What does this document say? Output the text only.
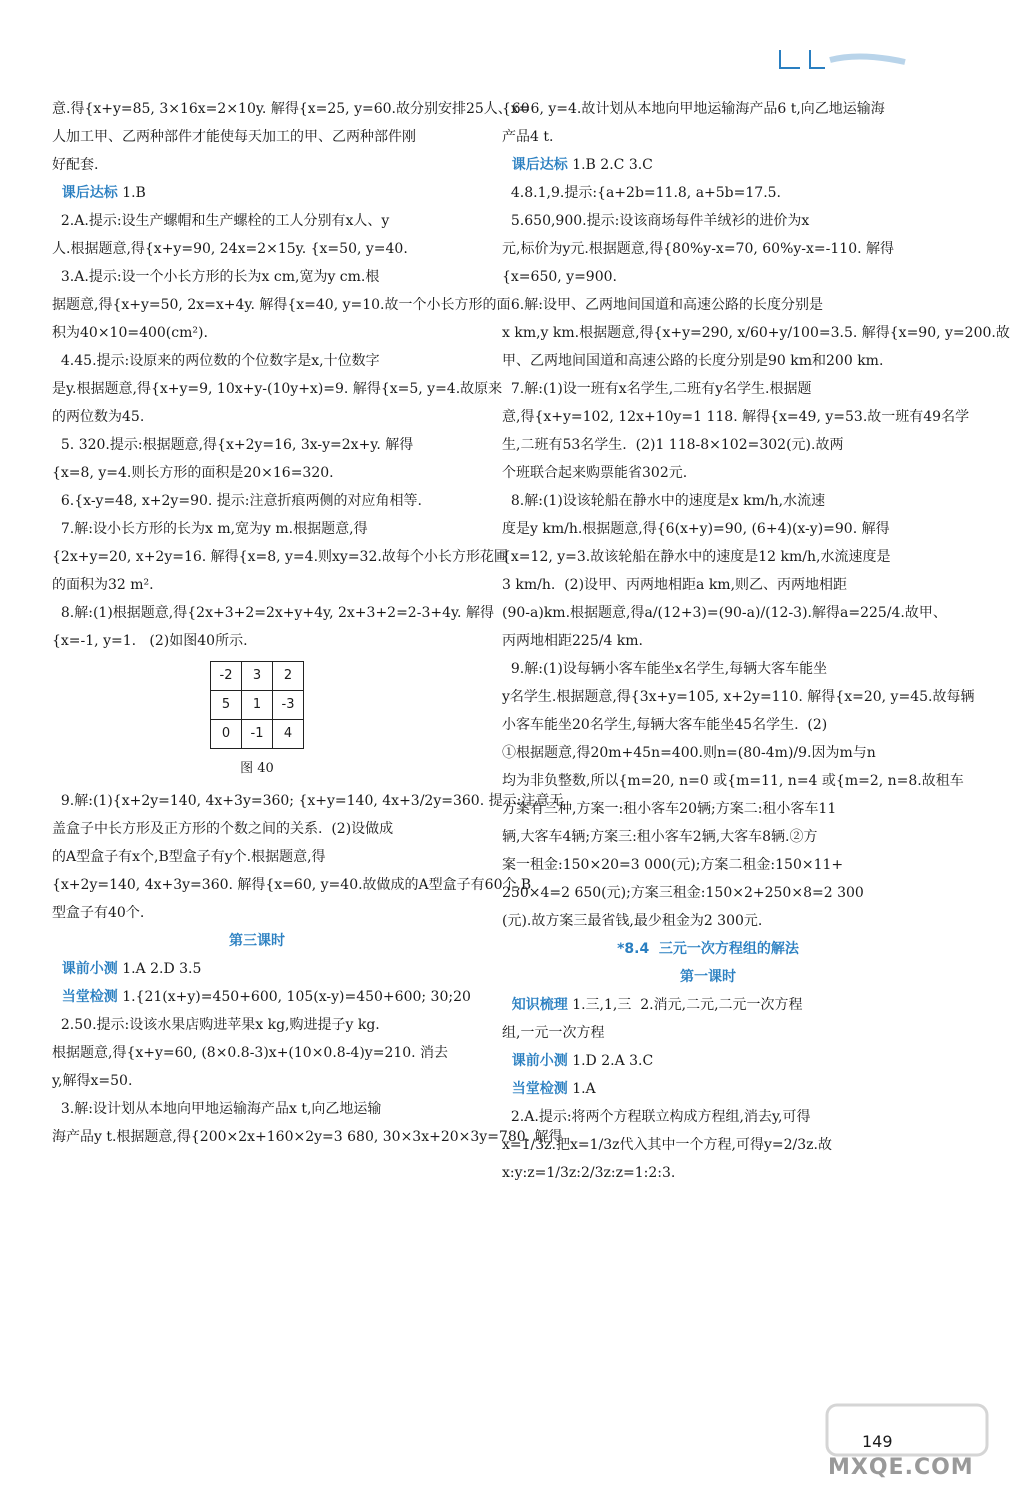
意.得{x+y=85, 3×16x=2×10y. 解得{x=25, y=60.故分别安排25人、60
人加工甲、乙两种部件才能使每天加工的甲、乙两种部件刚
好配套.
课后达标 1.B
2.A.提示:设生产螺帽和生产螺栓的工人分别有x人、y
人.根据题意,得{x+y=90, 24x=2×15y. {x=50, y=40.
3.A.提示:设一个小长方形的长为x cm,宽为y cm.根
据题意,得{x+y=50, 2x=x+4y. 解得{x=40, y=10.故一个小长方形的面
积为40×10=400(cm²).
4.45.提示:设原来的两位数的个位数字是x,十位数字
是y.根据题意,得{x+y=9, 10x+y-(10y+x)=9. 解得{x=5, y=4.故原来
的两位数为45.
5. 320.提示:根据题意,得{x+2y=16, 3x-y=2x+y. 解得
{x=8, y=4.则长方形的面积是20×16=320.
6.{x-y=48, x+2y=90. 提示:注意折痕两侧的对应角相等.
7.解:设小长方形的长为x m,宽为y m.根据题意,得
{2x+y=20, x+2y=16. 解得{x=8, y=4.则xy=32.故每个小长方形花圃
的面积为32 m².
8.解:(1)根据题意,得{2x+3+2=2x+y+4y, 2x+3+2=2-3+4y. 解得
{x=-1, y=1.   (2)如图40所示.
-2	3	2
5	1	-3
0	-1	4
图 40
9.解:(1){x+2y=140, 4x+3y=360; {x+y=140, 4x+3/2y=360. 提示:注意无
盖盒子中长方形及正方形的个数之间的关系.  (2)设做成
的A型盒子有x个,B型盒子有y个.根据题意,得
{x+2y=140, 4x+3y=360. 解得{x=60, y=40.故做成的A型盒子有60个,B
型盒子有40个.
第三课时
课前小测 1.A 2.D 3.5
当堂检测 1.{21(x+y)=450+600, 105(x-y)=450+600; 30;20
2.50.提示:设该水果店购进苹果x kg,购进提子y kg.
根据题意,得{x+y=60, (8×0.8-3)x+(10×0.8-4)y=210. 消去
y,解得x=50.
3.解:设计划从本地向甲地运输海产品x t,向乙地运输
海产品y t.根据题意,得{200×2x+160×2y=3 680, 30×3x+20×3y=780. 解得
{x=6, y=4.故计划从本地向甲地运输海产品6 t,向乙地运输海
产品4 t.
课后达标 1.B 2.C 3.C
4.8.1,9.提示:{a+2b=11.8, a+5b=17.5.
5.650,900.提示:设该商场每件羊绒衫的进价为x
元,标价为y元.根据题意,得{80%y-x=70, 60%y-x=-110. 解得
{x=650, y=900.
6.解:设甲、乙两地间国道和高速公路的长度分别是
x km,y km.根据题意,得{x+y=290, x/60+y/100=3.5. 解得{x=90, y=200.故
甲、乙两地间国道和高速公路的长度分别是90 km和200 km.
7.解:(1)设一班有x名学生,二班有y名学生.根据题
意,得{x+y=102, 12x+10y=1 118. 解得{x=49, y=53.故一班有49名学
生,二班有53名学生.  (2)1 118-8×102=302(元).故两
个班联合起来购票能省302元.
8.解:(1)设该轮船在静水中的速度是x km/h,水流速
度是y km/h.根据题意,得{6(x+y)=90, (6+4)(x-y)=90. 解得
{x=12, y=3.故该轮船在静水中的速度是12 km/h,水流速度是
3 km/h.  (2)设甲、丙两地相距a km,则乙、丙两地相距
(90-a)km.根据题意,得a/(12+3)=(90-a)/(12-3).解得a=225/4.故甲、
丙两地相距225/4 km.
9.解:(1)设每辆小客车能坐x名学生,每辆大客车能坐
y名学生.根据题意,得{3x+y=105, x+2y=110. 解得{x=20, y=45.故每辆
小客车能坐20名学生,每辆大客车能坐45名学生.  (2)
①根据题意,得20m+45n=400.则n=(80-4m)/9.因为m与n
均为非负整数,所以{m=20, n=0 或{m=11, n=4 或{m=2, n=8.故租车
方案有三种,方案一:租小客车20辆;方案二:租小客车11
辆,大客车4辆;方案三:租小客车2辆,大客车8辆.②方
案一租金:150×20=3 000(元);方案二租金:150×11+
250×4=2 650(元);方案三租金:150×2+250×8=2 300
(元).故方案三最省钱,最少租金为2 300元.
*8.4  三元一次方程组的解法
第一课时
知识梳理 1.三,1,三  2.消元,二元,二元一次方程
组,一元一次方程
课前小测 1.D 2.A 3.C
当堂检测 1.A
2.A.提示:将两个方程联立构成方程组,消去y,可得
x=1/3z.把x=1/3z代入其中一个方程,可得y=2/3z.故
x:y:z=1/3z:2/3z:z=1:2:3.
149
MXQE.COM
